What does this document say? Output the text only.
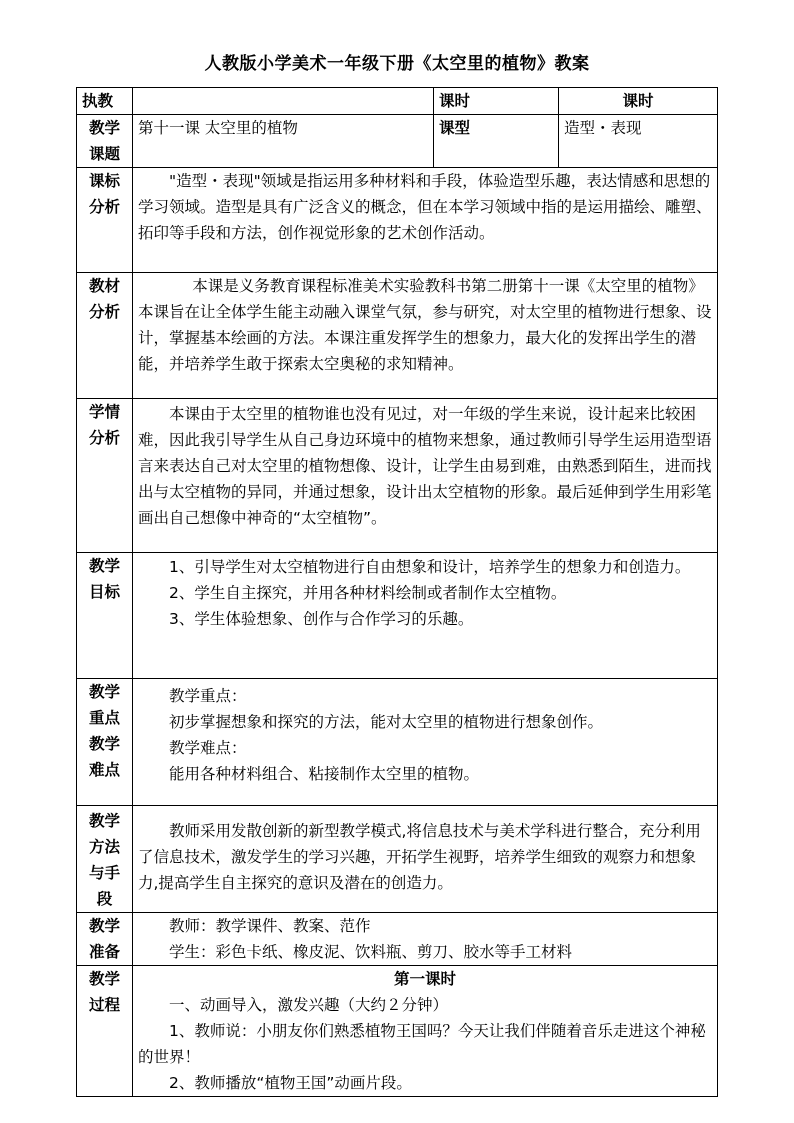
人教版小学美术一年级下册《太空里的植物》教案
执教		课时	课时
教学课题	第十一课 太空里的植物	课型	造型・表现
课标分析	"造型・表现"领域是指运用多种材料和手段，体验造型乐趣，表达情感和思想的学习领域。造型是具有广泛含义的概念，但在本学习领域中指的是运用描绘、雕塑、拓印等手段和方法，创作视觉形象的艺术创作活动。		

教材分析	本课是义务教育课程标准美术实验教科书第二册第十一课《太空里的植物》本课旨在让全体学生能主动融入课堂气氛，参与研究，对太空里的植物进行想象、设计，掌握基本绘画的方法。本课注重发挥学生的想象力，最大化的发挥出学生的潜能，并培养学生敢于探索太空奥秘的求知精神。		

学情分析	本课由于太空里的植物谁也没有见过，对一年级的学生来说，设计起来比较困难，因此我引导学生从自己身边环境中的植物来想象，通过教师引导学生运用造型语言来表达自己对太空里的植物想像、设计，让学生由易到难，由熟悉到陌生，进而找出与太空植物的异同，并通过想象，设计出太空植物的形象。最后延伸到学生用彩笔画出自己想像中神奇的“太空植物”。		

教学目标	1、引导学生对太空植物进行自由想象和设计，培养学生的想象力和创造力。

2、学生自主探究，并用各种材料绘制或者制作太空植物。

3、学生体验想象、创作与合作学习的乐趣。		

教学重点教学难点	教学重点：

初步掌握想象和探究的方法，能对太空里的植物进行想象创作。

教学难点：

能用各种材料组合、粘接制作太空里的植物。		

教学方法与手段	教师采用发散创新的新型教学模式,将信息技术与美术学科进行整合，充分利用了信息技术，激发学生的学习兴趣，开拓学生视野，培养学生细致的观察力和想象力,提高学生自主探究的意识及潜在的创造力。		

教学准备	教师：教学课件、教案、范作

学生：彩色卡纸、橡皮泥、饮料瓶、剪刀、胶水等手工材料		

教学过程	第一课时

一、动画导入，激发兴趣（大约２分钟）

1、教师说：小朋友你们熟悉植物王国吗？今天让我们伴随着音乐走进这个神秘的世界！

2、教师播放“植物王国”动画片段。		
